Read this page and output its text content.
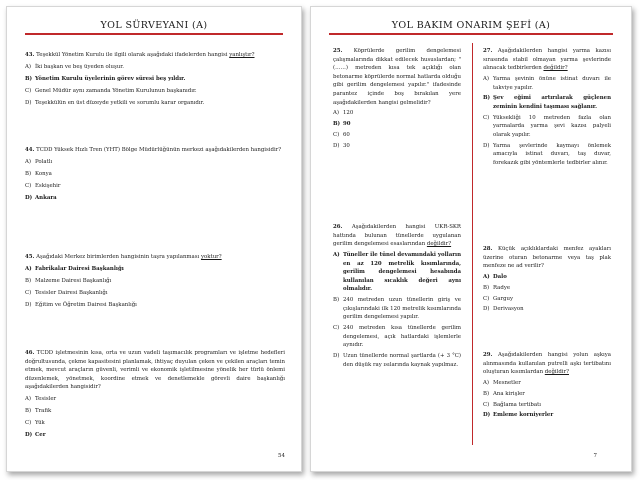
YOL SÜRVEYANI (A)
43. Teşekkül Yönetim Kurulu ile ilgili olarak aşağıdaki ifadelerden hangisi yanlıştır?
A) İki başkan ve beş üyeden oluşur.
B) Yönetim Kurulu üyelerinin görev süresi beş yıldır.
C) Genel Müdür aynı zamanda Yönetim Kurulunun başkanıdır.
D) Teşekkülün en üst düzeyde yetkili ve sorumlu karar organıdır.
44. TCDD Yüksek Hızlı Tren (YHT) Bölge Müdürlüğünün merkezi aşağıdakilerden hangisidir?
A) Polatlı
B) Konya
C) Eskişehir
D) Ankara
45. Aşağıdaki Merkez birimlerden hangisinin taşra yapılanması yoktur?
A) Fabrikalar Dairesi Başkanlığı
B) Malzeme Dairesi Başkanlığı
C) Tesisler Dairesi Başkanlığı
D) Eğitim ve Öğretim Dairesi Başkanlığı
46. TCDD işletmesinin kısa, orta ve uzun vadeli taşımacılık programları ve işletme hedefleri doğrultusunda, çekme kapasitesini planlamak, ihtiyaç duyulan çeken ve çekilen araçları temin etmek, mevcut araçların güvenli, verimli ve ekonomik işletilmesine yönelik her türlü önlemi düzenlemek, yönetmek, koordine etmek ve denetlemekle görevli daire başkanlığı aşağıdakilerden hangisidir?
A) Tesisler
B) Trafik
C) Yük
D) Cer
54
YOL BAKIM ONARIM ŞEFİ (A)
25. Köprülerde gerilim dengelemesi çalışmalarında dikkat edilecek hususlardan; "(……) metreden kısa tek açıklığı olan betonarme köprülerde normal hatlarda olduğu gibi gerilim dengelemesi yapılır." ifadesinde parantez içinde boş bırakılan yere aşağıdakilerden hangisi gelmelidir?
A) 120
B) 90
C) 60
D) 30
26. Aşağıdakilerden hangisi UKR-SKR hattında bulunan tünellerde uygulanan gerilim dengelemesi esaslarından değildir?
A) Tüneller ile tünel devamındaki yolların en az 120 metrelik kısımlarında, gerilim dengelemesi hesabında kullanılan sıcaklık değeri aynı olmalıdır.
B) 240 metreden uzun tünellerin giriş ve çıkışlarındaki ilk 120 metrelik kısımlarında gerilim dengelemesi yapılır.
C) 240 metreden kısa tünellerde gerilim dengelemesi, açık hatlardaki işlemlerle aynıdır.
D) Uzun tünellerde normal şartlarda (+ 3 °C) den düşük ray ısılarında kaynak yapılmaz.
27. Aşağıdakilerden hangisi yarma kazısı sırasında stabil olmayan yarma şevlerinde alınacak tedbirlerden değildir?
A) Yarma şevinin önüne istinat duvarı ile takviye yapılır.
B) Şev eğimi artırılarak güçlenen zeminin kendini taşıması sağlanır.
C) Yüksekliği 10 metreden fazla olan yarmalarda yarma şevi kazısı palyeli olarak yapılır.
D) Yarma şevlerinde kaymayı önlemek amacıyla istinat duvarı, taş duvar, forekazık gibi yöntemlerle tedbirler alınır.
28. Küçük açıklıklardaki menfez ayakları üzerine oturan betonarme veya taş plak menfeze ne ad verilir?
A) Dalo
B) Radye
C) Garguy
D) Derivasyon
29. Aşağıdakilerden hangisi yolun aşkıya alınmasında kullanılan putrelli aşkı tertibatını oluşturan kısımlardan değildir?
A) Mesnetler
B) Ana kirişler
C) Bağlama tertibatı
D) Emleme korniyerler
7
